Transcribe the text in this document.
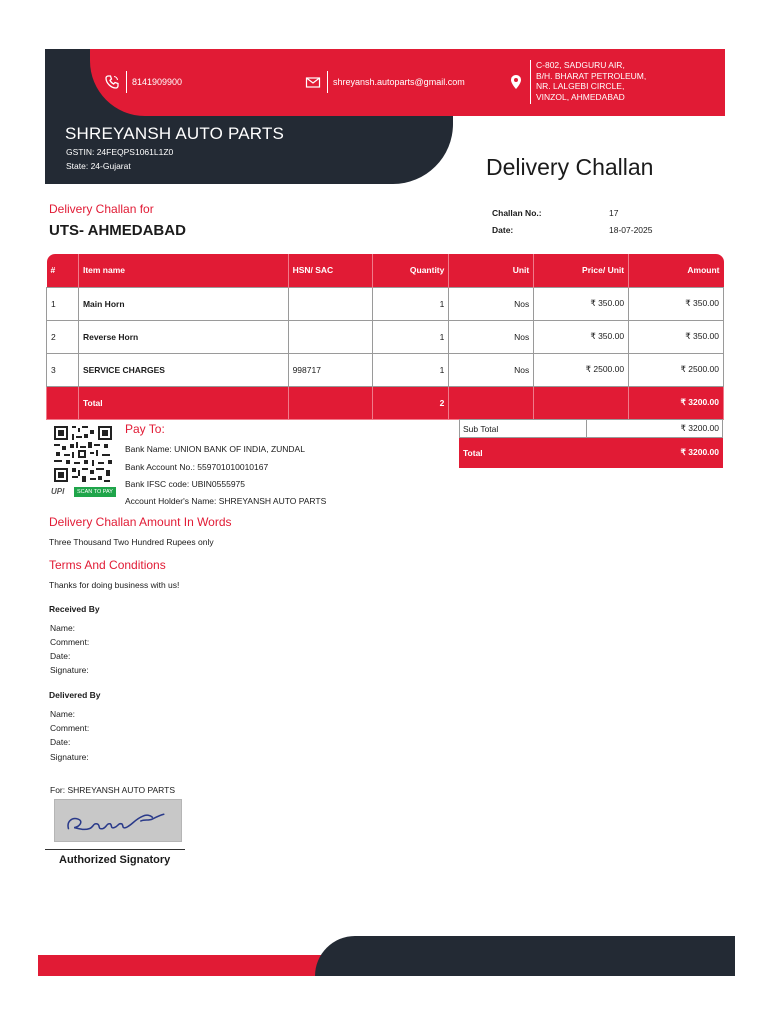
8141909900	shreyansh.autoparts@gmail.com
C-802, SADGURU AIR,
B/H. BHARAT PETROLEUM,
NR. LALGEBI CIRCLE,
VINZOL, AHMEDABAD
SHREYANSH AUTO PARTS
GSTIN: 24FEQPS1061L1Z0
State: 24-Gujarat	Delivery Challan
Delivery Challan for
UTS- AHMEDABAD
Challan No.:	17
Date:	18-07-2025
#	Item name	HSN/ SAC	Quantity	Unit	Price/ Unit	Amount
1	Main Horn		1	Nos	₹ 350.00	₹ 350.00
2	Reverse Horn		1	Nos	₹ 350.00	₹ 350.00
3	SERVICE CHARGES	998717	1	Nos	₹ 2500.00	₹ 2500.00
	Total		2			₹ 3200.00
UPI	SCAN TO PAY
Pay To:
Bank Name: UNION BANK OF INDIA, ZUNDAL
Bank Account No.: 559701010010167
Bank IFSC code: UBIN0555975
Account Holder's Name: SHREYANSH AUTO PARTS
Sub Total	₹ 3200.00
Total	₹ 3200.00
Delivery Challan Amount In Words
Three Thousand Two Hundred Rupees only
Terms And Conditions
Thanks for doing business with us!
Received By
Name:
Comment:
Date:
Signature:
Delivered By
Name:
Comment:
Date:
Signature:
For: SHREYANSH AUTO PARTS
Authorized Signatory
